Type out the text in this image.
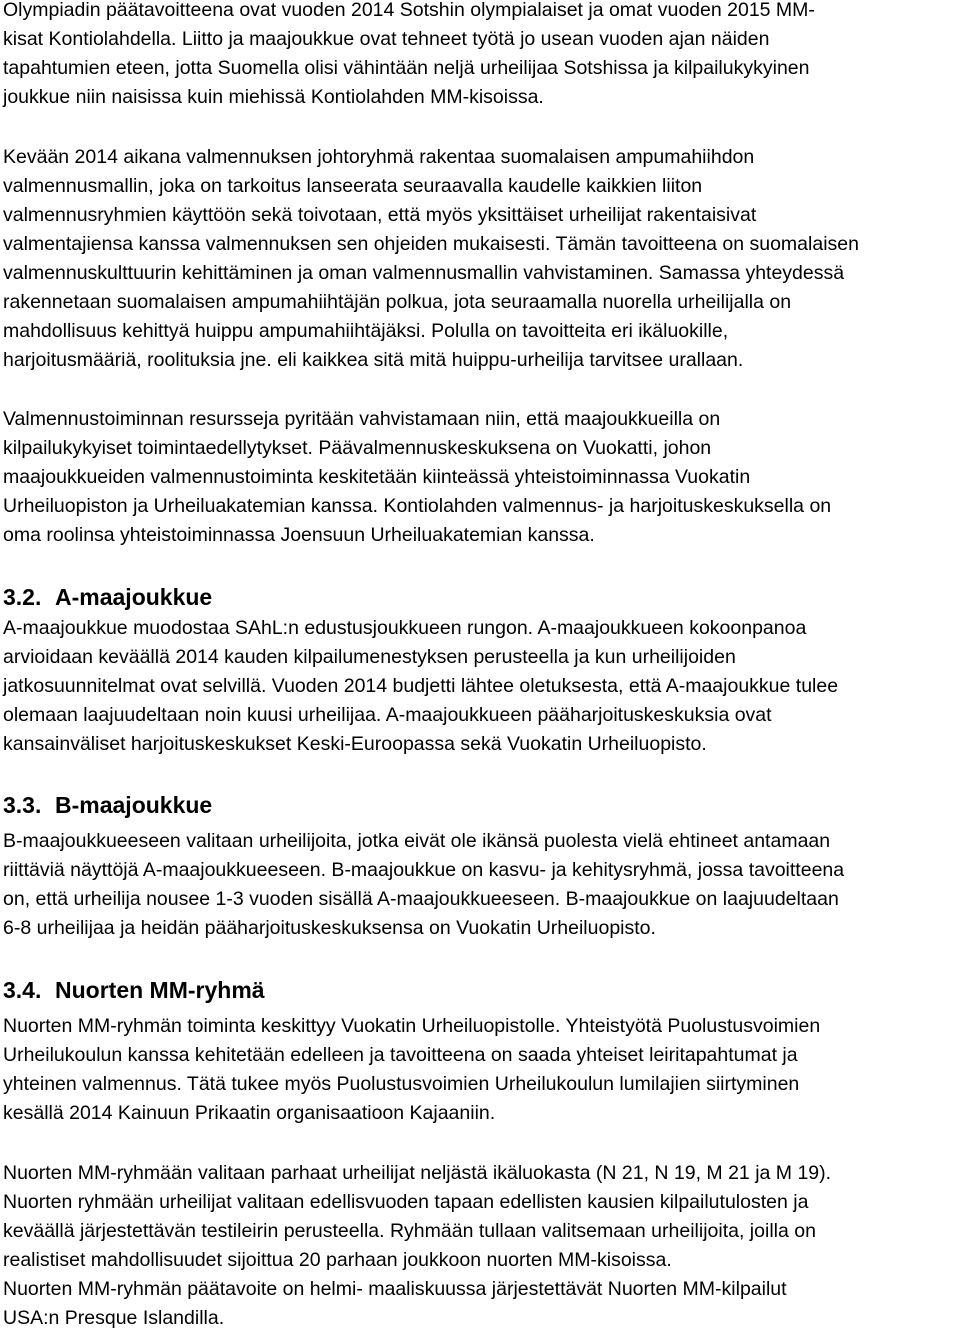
Olympiadin päätavoitteena ovat vuoden 2014 Sotshin olympialaiset ja omat vuoden 2015 MM-
kisat Kontiolahdella. Liitto ja maajoukkue ovat tehneet työtä jo usean vuoden ajan näiden
tapahtumien eteen, jotta Suomella olisi vähintään neljä urheilijaa Sotshissa ja kilpailukykyinen
joukkue niin naisissa kuin miehissä Kontiolahden MM-kisoissa.
Kevään 2014 aikana valmennuksen johtoryhmä rakentaa suomalaisen ampumahiihdon
valmennusmallin, joka on tarkoitus lanseerata seuraavalla kaudelle kaikkien liiton
valmennusryhmien käyttöön sekä toivotaan, että myös yksittäiset urheilijat rakentaisivat
valmentajiensa kanssa valmennuksen sen ohjeiden mukaisesti. Tämän tavoitteena on suomalaisen
valmennuskulttuurin kehittäminen ja oman valmennusmallin vahvistaminen. Samassa yhteydessä
rakennetaan suomalaisen ampumahiihtäjän polkua, jota seuraamalla nuorella urheilijalla on
mahdollisuus kehittyä huippu ampumahiihtäjäksi. Polulla on tavoitteita eri ikäluokille,
harjoitusmääriä, roolituksia jne. eli kaikkea sitä mitä huippu-urheilija tarvitsee urallaan.
Valmennustoiminnan resursseja pyritään vahvistamaan niin, että maajoukkueilla on
kilpailukykyiset toimintaedellytykset. Päävalmennuskeskuksena on Vuokatti, johon
maajoukkueiden valmennustoiminta keskitetään kiinteässä yhteistoiminnassa Vuokatin
Urheiluopiston ja Urheiluakatemian kanssa. Kontiolahden valmennus- ja harjoituskeskuksella on
oma roolinsa yhteistoiminnassa Joensuun Urheiluakatemian kanssa.
3.2. A-maajoukkue
A-maajoukkue muodostaa SAhL:n edustusjoukkueen rungon. A-maajoukkueen kokoonpanoa
arvioidaan keväällä 2014 kauden kilpailumenestyksen perusteella ja kun urheilijoiden
jatkosuunnitelmat ovat selvillä. Vuoden 2014 budjetti lähtee oletuksesta, että A-maajoukkue tulee
olemaan laajuudeltaan noin kuusi urheilijaa. A-maajoukkueen pääharjoituskeskuksia ovat
kansainväliset harjoituskeskukset Keski-Euroopassa sekä Vuokatin Urheiluopisto.
3.3. B-maajoukkue
B-maajoukkueeseen valitaan urheilijoita, jotka eivät ole ikänsä puolesta vielä ehtineet antamaan
riittäviä näyttöjä A-maajoukkueeseen. B-maajoukkue on kasvu- ja kehitysryhmä, jossa tavoitteena
on, että urheilija nousee 1-3 vuoden sisällä A-maajoukkueeseen. B-maajoukkue on laajuudeltaan
6-8 urheilijaa ja heidän pääharjoituskeskuksensa on Vuokatin Urheiluopisto.
3.4. Nuorten MM-ryhmä
Nuorten MM-ryhmän toiminta keskittyy Vuokatin Urheiluopistolle. Yhteistyötä Puolustusvoimien
Urheilukoulun kanssa kehitetään edelleen ja tavoitteena on saada yhteiset leiritapahtumat ja
yhteinen valmennus. Tätä tukee myös Puolustusvoimien Urheilukoulun lumilajien siirtyminen
kesällä 2014 Kainuun Prikaatin organisaatioon Kajaaniin.
Nuorten MM-ryhmään valitaan parhaat urheilijat neljästä ikäluokasta (N 21, N 19, M 21 ja M 19).
Nuorten ryhmään urheilijat valitaan edellisvuoden tapaan edellisten kausien kilpailutulosten ja
keväällä järjestettävän testileirin perusteella. Ryhmään tullaan valitsemaan urheilijoita, joilla on
realistiset mahdollisuudet sijoittua 20 parhaan joukkoon nuorten MM-kisoissa.
Nuorten MM-ryhmän päätavoite on helmi- maaliskuussa järjestettävät Nuorten MM-kilpailut
USA:n Presque Islandilla.
